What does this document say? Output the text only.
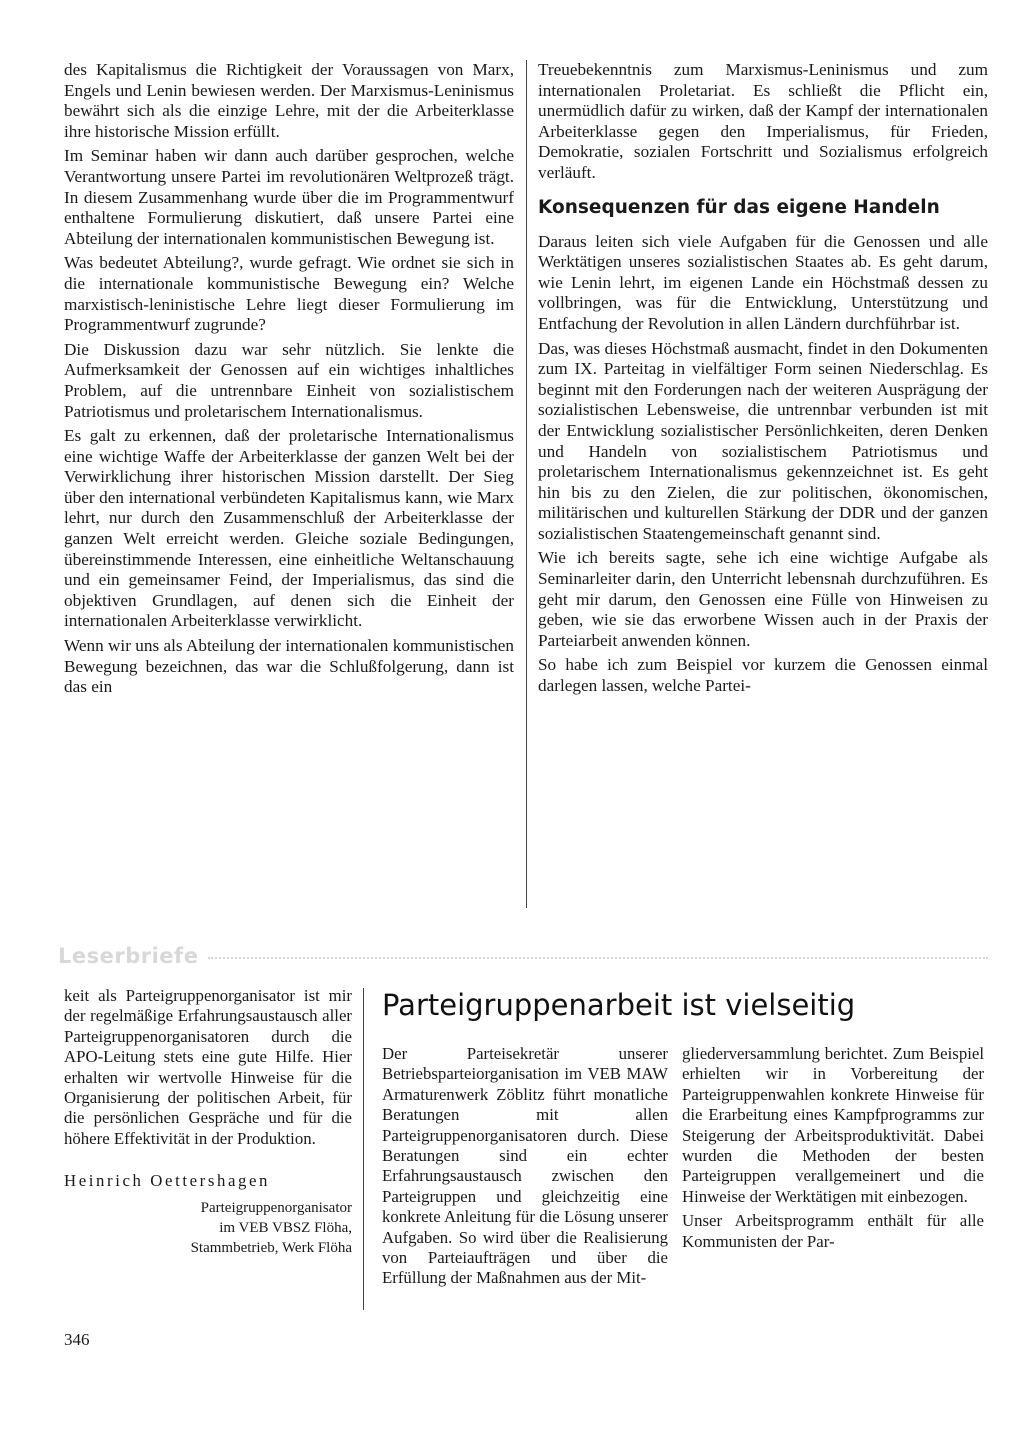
des Kapitalismus die Richtigkeit der Voraussagen von Marx, Engels und Lenin bewiesen werden. Der Marxismus-Leninismus bewährt sich als die einzige Lehre, mit der die Arbeiterklasse ihre historische Mission erfüllt.

Im Seminar haben wir dann auch darüber gesprochen, welche Verantwortung unsere Partei im revolutionären Weltprozeß trägt. In diesem Zusammenhang wurde über die im Programmentwurf enthaltene Formulierung diskutiert, daß unsere Partei eine Abteilung der internationalen kommunistischen Bewegung ist.

Was bedeutet Abteilung?, wurde gefragt. Wie ordnet sie sich in die internationale kommunistische Bewegung ein? Welche marxistisch-leninistische Lehre liegt dieser Formulierung im Programmentwurf zugrunde?

Die Diskussion dazu war sehr nützlich. Sie lenkte die Aufmerksamkeit der Genossen auf ein wichtiges inhaltliches Problem, auf die untrennbare Einheit von sozialistischem Patriotismus und proletarischem Internationalismus.

Es galt zu erkennen, daß der proletarische Internationalismus eine wichtige Waffe der Arbeiterklasse der ganzen Welt bei der Verwirklichung ihrer historischen Mission darstellt. Der Sieg über den international verbündeten Kapitalismus kann, wie Marx lehrt, nur durch den Zusammenschluß der Arbeiterklasse der ganzen Welt erreicht werden. Gleiche soziale Bedingungen, übereinstimmende Interessen, eine einheitliche Weltanschauung und ein gemeinsamer Feind, der Imperialismus, das sind die objektiven Grundlagen, auf denen sich die Einheit der internationalen Arbeiterklasse verwirklicht.

Wenn wir uns als Abteilung der internationalen kommunistischen Bewegung bezeichnen, das war die Schlußfolgerung, dann ist das ein

Treuebekenntnis zum Marxismus-Leninismus und zum internationalen Proletariat. Es schließt die Pflicht ein, unermüdlich dafür zu wirken, daß der Kampf der internationalen Arbeiterklasse gegen den Imperialismus, für Frieden, Demokratie, sozialen Fortschritt und Sozialismus erfolgreich verläuft.

Konsequenzen für das eigene Handeln

Daraus leiten sich viele Aufgaben für die Genossen und alle Werktätigen unseres sozialistischen Staates ab. Es geht darum, wie Lenin lehrt, im eigenen Lande ein Höchstmaß dessen zu vollbringen, was für die Entwicklung, Unterstützung und Entfachung der Revolution in allen Ländern durchführbar ist.

Das, was dieses Höchstmaß ausmacht, findet in den Dokumenten zum IX. Parteitag in vielfältiger Form seinen Niederschlag. Es beginnt mit den Forderungen nach der weiteren Ausprägung der sozialistischen Lebensweise, die untrennbar verbunden ist mit der Entwicklung sozialistischer Persönlichkeiten, deren Denken und Handeln von sozialistischem Patriotismus und proletarischem Internationalismus gekennzeichnet ist. Es geht hin bis zu den Zielen, die zur politischen, ökonomischen, militärischen und kulturellen Stärkung der DDR und der ganzen sozialistischen Staatengemeinschaft genannt sind.

Wie ich bereits sagte, sehe ich eine wichtige Aufgabe als Seminarleiter darin, den Unterricht lebensnah durchzuführen. Es geht mir darum, den Genossen eine Fülle von Hinweisen zu geben, wie sie das erworbene Wissen auch in der Praxis der Parteiarbeit anwenden können.

So habe ich zum Beispiel vor kurzem die Genossen einmal darlegen lassen, welche Partei-

Leserbriefe

keit als Parteigruppenorganisator ist mir der regelmäßige Erfahrungsaustausch aller Parteigruppenorganisatoren durch die APO-Leitung stets eine gute Hilfe. Hier erhalten wir wertvolle Hinweise für die Organisierung der politischen Arbeit, für die persönlichen Gespräche und für die höhere Effektivität in der Produktion.

Heinrich Oettershagen
Parteigruppenorganisator
im VEB VBSZ Flöha,
Stammbetrieb, Werk Flöha
Parteigruppenarbeit ist vielseitig

Der Parteisekretär unserer Betriebsparteiorganisation im VEB MAW Armaturenwerk Zöblitz führt monatliche Beratungen mit allen Parteigruppenorganisatoren durch. Diese Beratungen sind ein echter Erfahrungsaustausch zwischen den Parteigruppen und gleichzeitig eine konkrete Anleitung für die Lösung unserer Aufgaben. So wird über die Realisierung von Parteiaufträgen und über die Erfüllung der Maßnahmen aus der Mit-

gliederversammlung berichtet. Zum Beispiel erhielten wir in Vorbereitung der Parteigruppenwahlen konkrete Hinweise für die Erarbeitung eines Kampfprogramms zur Steigerung der Arbeitsproduktivität. Dabei wurden die Methoden der besten Parteigruppen verallgemeinert und die Hinweise der Werktätigen mit einbezogen.

Unser Arbeitsprogramm enthält für alle Kommunisten der Par-

346
